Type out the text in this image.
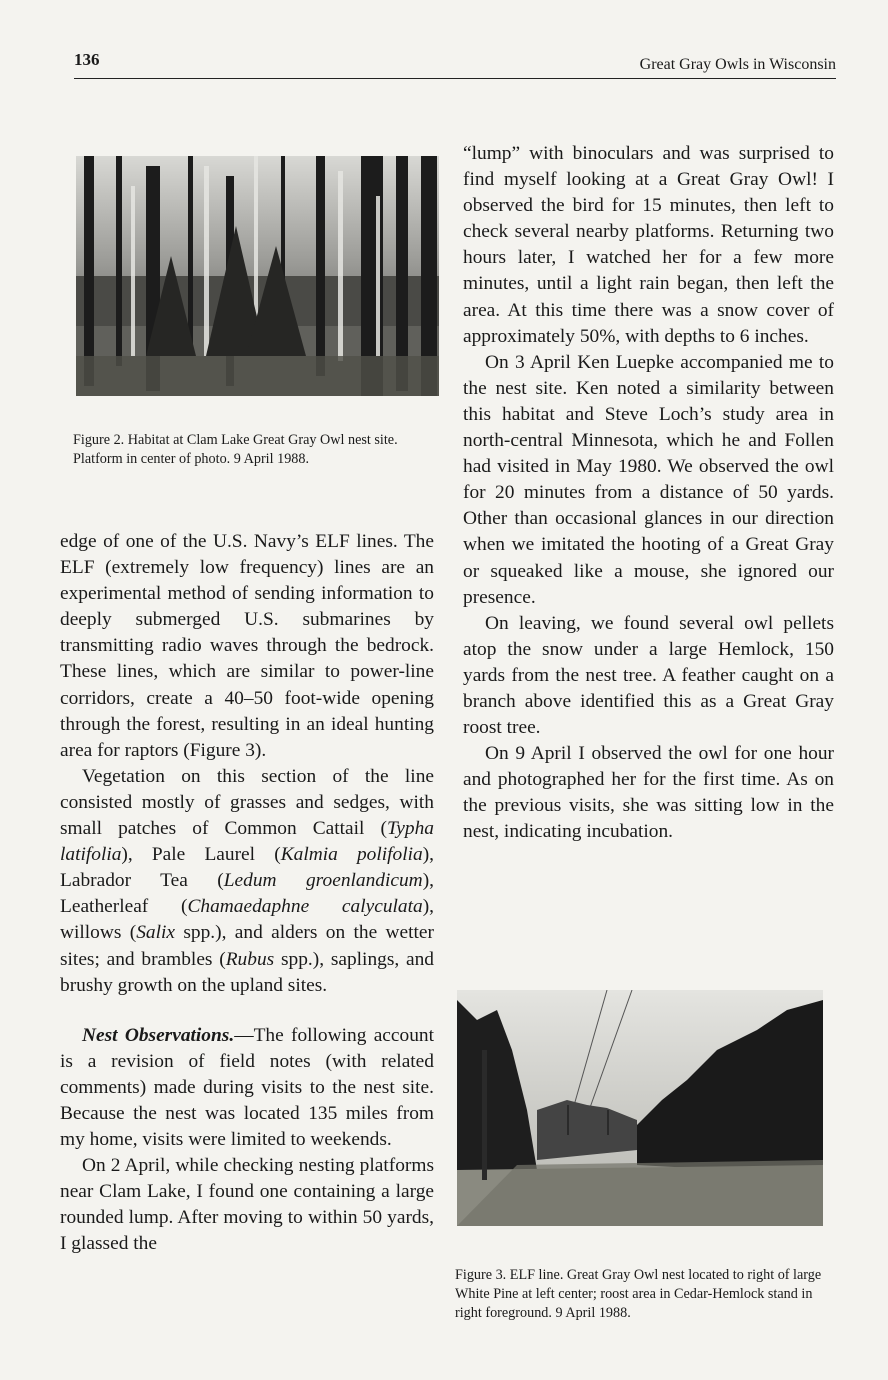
136	Great Gray Owls in Wisconsin
Figure 2. Habitat at Clam Lake Great Gray Owl nest site. Platform in center of photo. 9 April 1988.

edge of one of the U.S. Navy’s ELF lines. The ELF (extremely low frequency) lines are an experimental method of sending information to deeply submerged U.S. submarines by transmitting radio waves through the bedrock. These lines, which are similar to power-line corridors, create a 40–50 foot-wide opening through the forest, resulting in an ideal hunting area for raptors (Figure 3).

Vegetation on this section of the line consisted mostly of grasses and sedges, with small patches of Common Cattail (Typha latifolia), Pale Laurel (Kalmia polifolia), Labrador Tea (Ledum groenlandicum), Leatherleaf (Chamaedaphne calyculata), willows (Salix spp.), and alders on the wetter sites; and brambles (Rubus spp.), saplings, and brushy growth on the upland sites.

Nest Observations.—The following account is a revision of field notes (with related comments) made during visits to the nest site. Because the nest was located 135 miles from my home, visits were limited to weekends.

On 2 April, while checking nesting platforms near Clam Lake, I found one containing a large rounded lump. After moving to within 50 yards, I glassed the

“lump” with binoculars and was surprised to find myself looking at a Great Gray Owl! I observed the bird for 15 minutes, then left to check several nearby platforms. Returning two hours later, I watched her for a few more minutes, until a light rain began, then left the area. At this time there was a snow cover of approximately 50%, with depths to 6 inches.

On 3 April Ken Luepke accompanied me to the nest site. Ken noted a similarity between this habitat and Steve Loch’s study area in north-central Minnesota, which he and Follen had visited in May 1980. We observed the owl for 20 minutes from a distance of 50 yards. Other than occasional glances in our direction when we imitated the hooting of a Great Gray or squeaked like a mouse, she ignored our presence.

On leaving, we found several owl pellets atop the snow under a large Hemlock, 150 yards from the nest tree. A feather caught on a branch above identified this as a Great Gray roost tree.

On 9 April I observed the owl for one hour and photographed her for the first time. As on the previous visits, she was sitting low in the nest, indicating incubation.

Figure 3. ELF line. Great Gray Owl nest located to right of large White Pine at left center; roost area in Cedar-Hemlock stand in right foreground. 9 April 1988.
